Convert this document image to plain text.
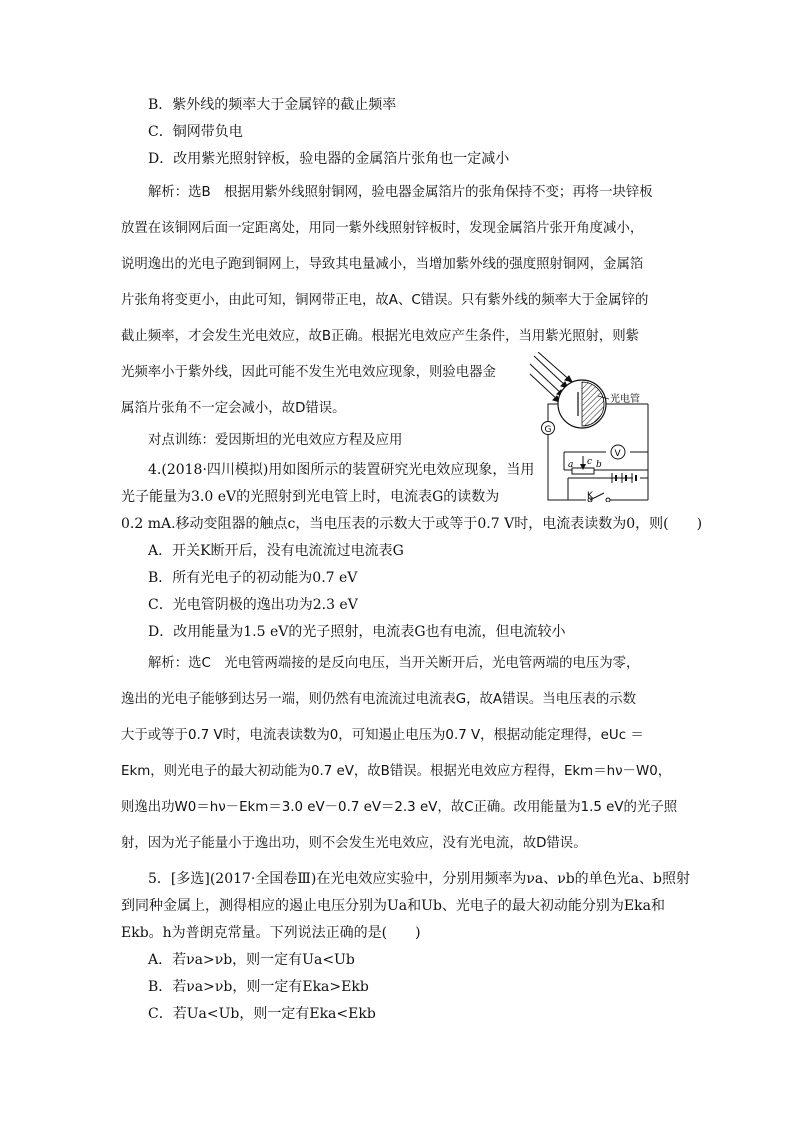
B．紫外线的频率大于金属锌的截止频率
C．铜网带负电
D．改用紫光照射锌板，验电器的金属箔片张角也一定减小
解析：选B　根据用紫外线照射铜网，验电器金属箔片的张角保持不变；再将一块锌板
放置在该铜网后面一定距离处，用同一紫外线照射锌板时，发现金属箔片张开角度减小，
说明逸出的光电子跑到铜网上，导致其电量减小，当增加紫外线的强度照射铜网，金属箔
片张角将变更小，由此可知，铜网带正电，故A、C错误。只有紫外线的频率大于金属锌的
截止频率，才会发生光电效应，故B正确。根据光电效应产生条件，当用紫光照射，则紫
光频率小于紫外线，因此可能不发生光电效应现象，则验电器金
属箔片张角不一定会减小，故D错误。
对点训练：爱因斯坦的光电效应方程及应用
4.(2018·四川模拟)用如图所示的装置研究光电效应现象，当用
光子能量为3.0 eV的光照射到光电管上时，电流表G的读数为
0.2 mA.移动变阻器的触点c，当电压表的示数大于或等于0.7 V时，电流表读数为0，则(　　)
A．开关K断开后，没有电流流过电流表G
B．所有光电子的初动能为0.7 eV
C．光电管阴极的逸出功为2.3 eV
D．改用能量为1.5 eV的光子照射，电流表G也有电流，但电流较小
解析：选C　光电管两端接的是反向电压，当开关断开后，光电管两端的电压为零，
逸出的光电子能够到达另一端，则仍然有电流流过电流表G，故A错误。当电压表的示数
大于或等于0.7 V时，电流表读数为0，可知遏止电压为0.7 V，根据动能定理得，eUc ＝
Ekm，则光电子的最大初动能为0.7 eV，故B错误。根据光电效应方程得，Ekm＝hν－W0，
则逸出功W0＝hν－Ekm＝3.0 eV－0.7 eV＝2.3 eV，故C正确。改用能量为1.5 eV的光子照
射，因为光子能量小于逸出功，则不会发生光电效应，没有光电流，故D错误。
5．[多选](2017·全国卷Ⅲ)在光电效应实验中，分别用频率为νa、νb的单色光a、b照射
到同种金属上，测得相应的遏止电压分别为Ua和Ub、光电子的最大初动能分别为Eka和
Ekb。h为普朗克常量。下列说法正确的是(　　)
A．若νa>νb，则一定有Ua<Ub
B．若νa>νb，则一定有Eka>Ekb
C．若Ua<Ub，则一定有Eka<Ekb
光电管
G
V
c
a	b
K
